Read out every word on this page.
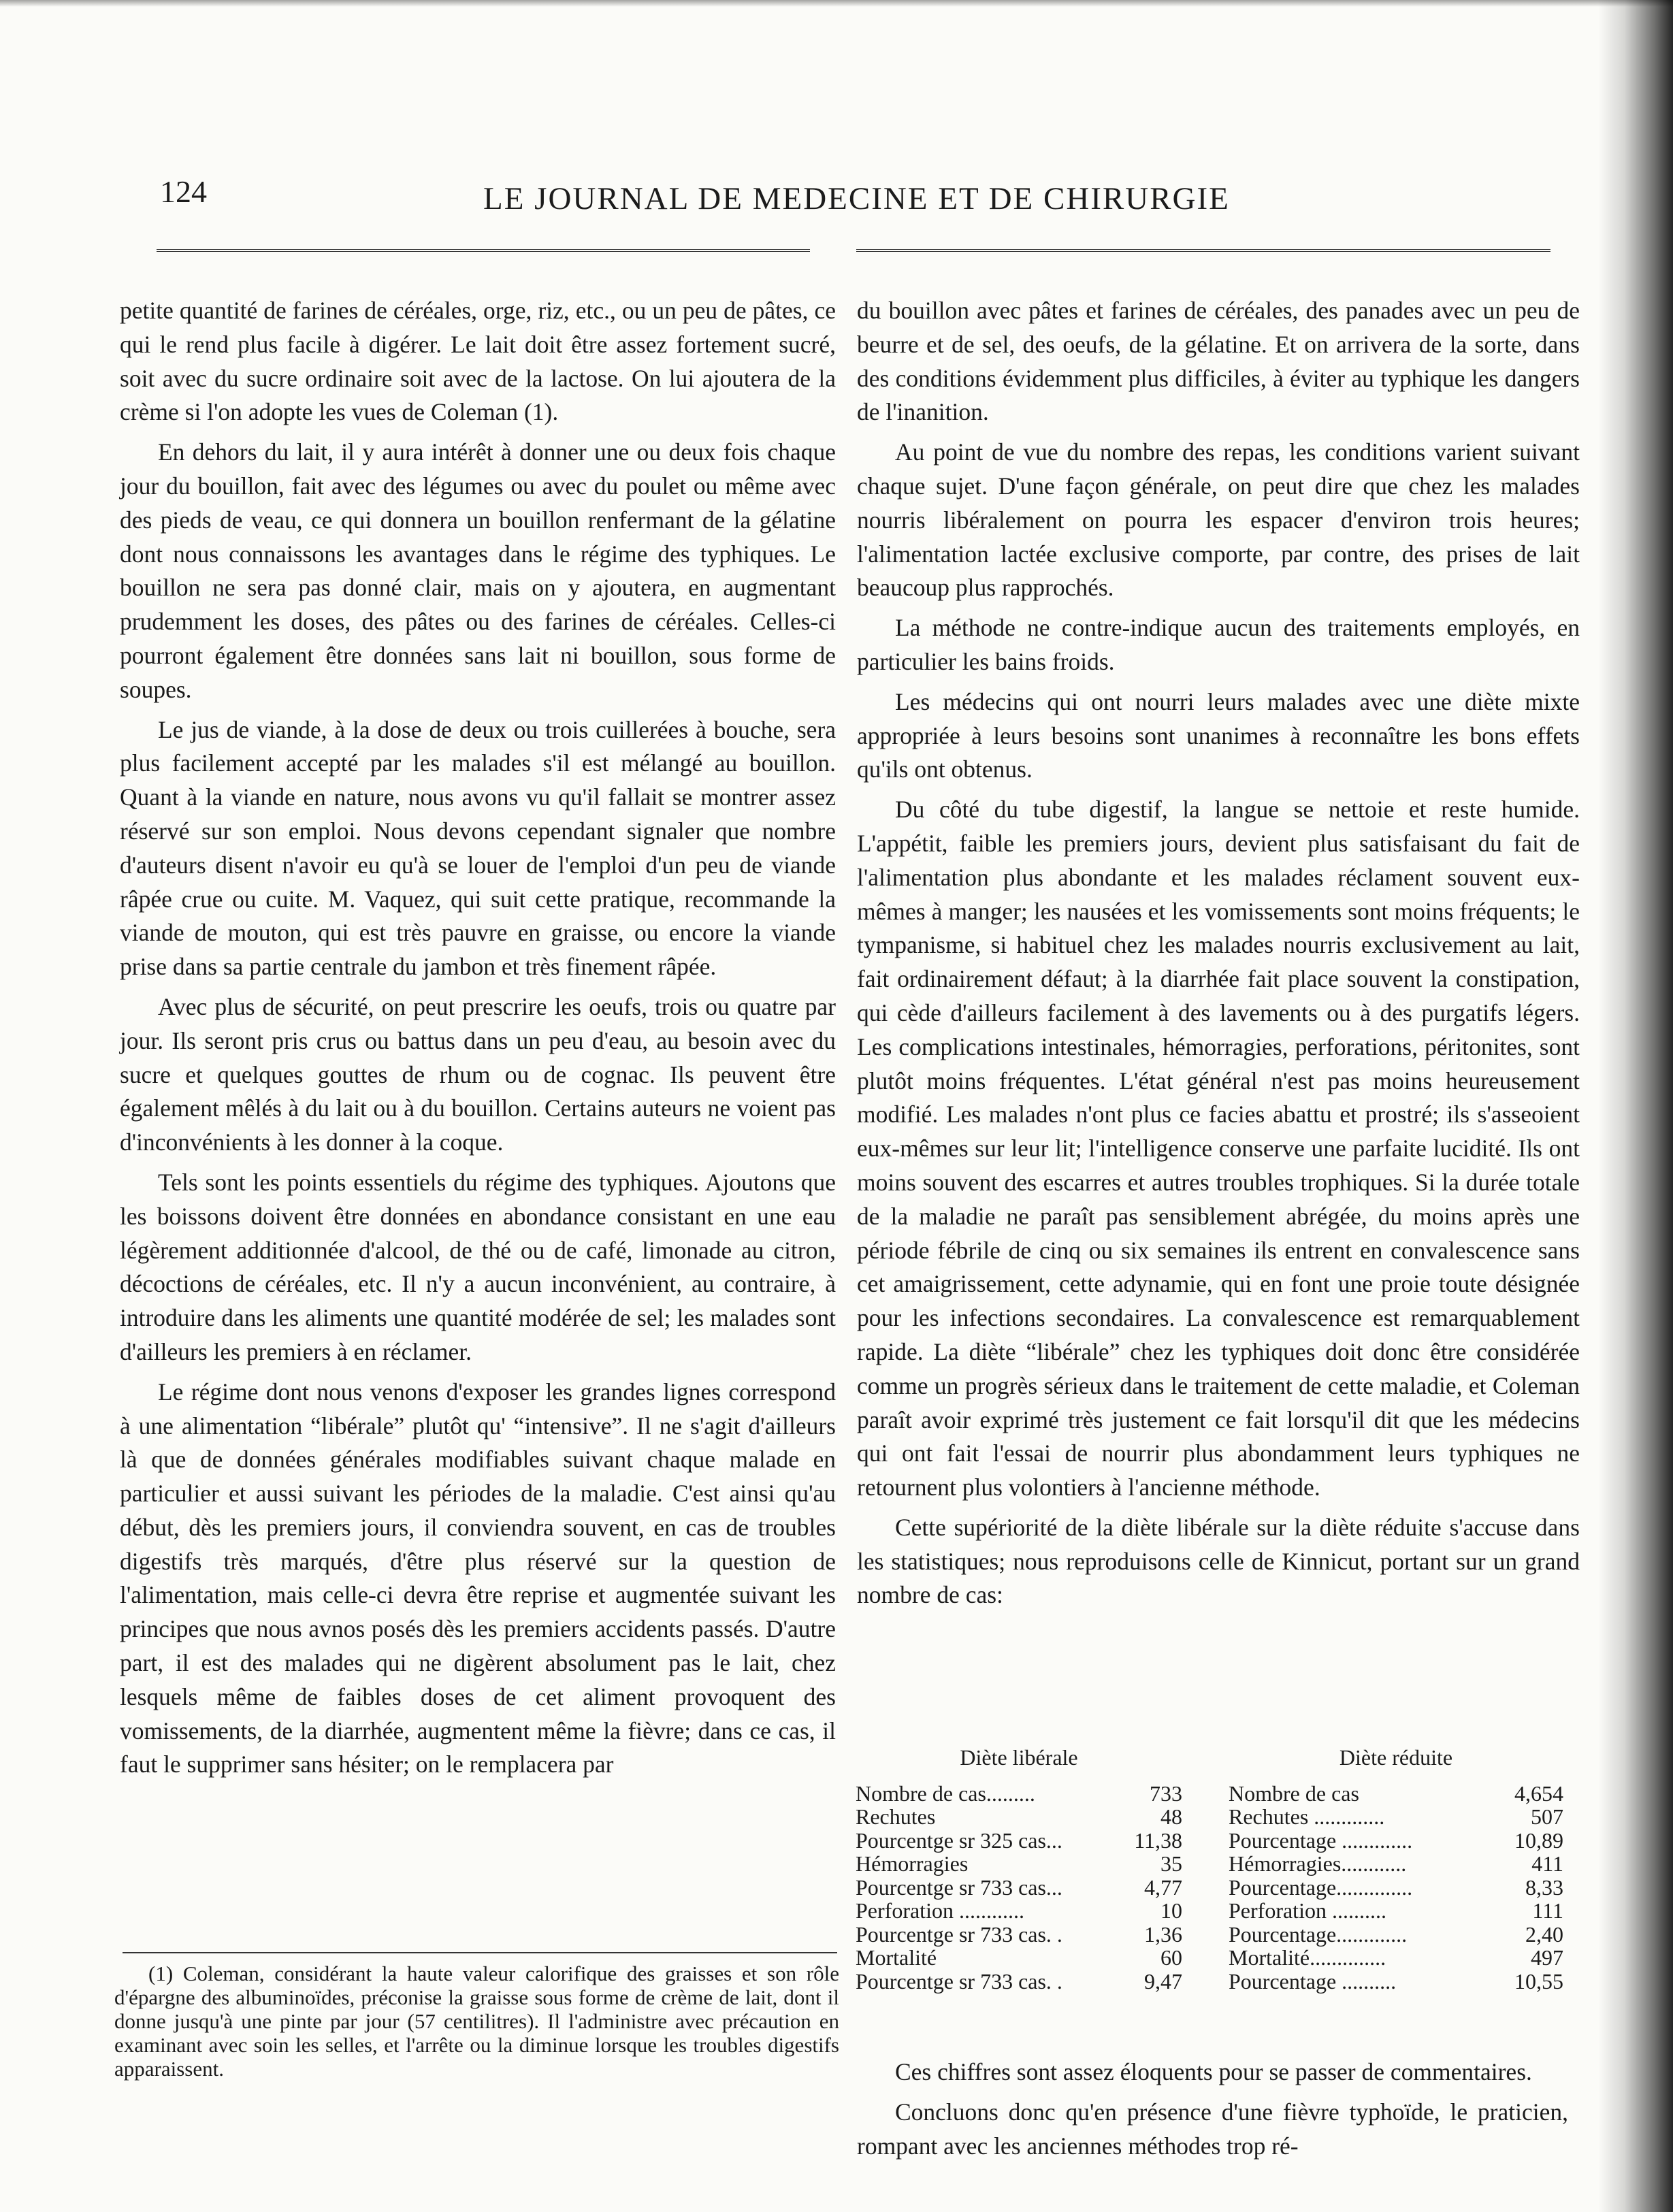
124	LE JOURNAL DE MEDECINE ET DE CHIRURGIE

petite quantité de farines de céréales, orge, riz, etc., ou un peu de pâtes, ce qui le rend plus facile à digérer. Le lait doit être assez fortement sucré, soit avec du sucre ordinaire soit avec de la lactose. On lui ajoutera de la crème si l'on adopte les vues de Coleman (1).

En dehors du lait, il y aura intérêt à donner une ou deux fois chaque jour du bouillon, fait avec des légumes ou avec du poulet ou même avec des pieds de veau, ce qui donnera un bouillon renfermant de la gélatine dont nous connaissons les avantages dans le régime des typhiques. Le bouillon ne sera pas donné clair, mais on y ajoutera, en augmentant prudemment les doses, des pâtes ou des farines de céréales. Celles-ci pourront également être données sans lait ni bouillon, sous forme de soupes.

Le jus de viande, à la dose de deux ou trois cuillerées à bouche, sera plus facilement accepté par les malades s'il est mélangé au bouillon. Quant à la viande en nature, nous avons vu qu'il fallait se montrer assez réservé sur son emploi. Nous devons cependant signaler que nombre d'auteurs disent n'avoir eu qu'à se louer de l'emploi d'un peu de viande râpée crue ou cuite. M. Vaquez, qui suit cette pratique, recommande la viande de mouton, qui est très pauvre en graisse, ou encore la viande prise dans sa partie centrale du jambon et très finement râpée.

Avec plus de sécurité, on peut prescrire les oeufs, trois ou quatre par jour. Ils seront pris crus ou battus dans un peu d'eau, au besoin avec du sucre et quelques gouttes de rhum ou de cognac. Ils peuvent être également mêlés à du lait ou à du bouillon. Certains auteurs ne voient pas d'inconvénients à les donner à la coque.

Tels sont les points essentiels du régime des typhiques. Ajoutons que les boissons doivent être données en abondance consistant en une eau légèrement additionnée d'alcool, de thé ou de café, limonade au citron, décoctions de céréales, etc. Il n'y a aucun inconvénient, au contraire, à introduire dans les aliments une quantité modérée de sel; les malades sont d'ailleurs les premiers à en réclamer.

Le régime dont nous venons d'exposer les grandes lignes correspond à une alimentation “libérale” plutôt qu' “intensive”. Il ne s'agit d'ailleurs là que de données générales modifiables suivant chaque malade en particulier et aussi suivant les périodes de la maladie. C'est ainsi qu'au début, dès les premiers jours, il conviendra souvent, en cas de troubles digestifs très marqués, d'être plus réservé sur la question de l'alimentation, mais celle-ci devra être reprise et augmentée suivant les principes que nous avnos posés dès les premiers accidents passés. D'autre part, il est des malades qui ne digèrent absolument pas le lait, chez lesquels même de faibles doses de cet aliment provoquent des vomissements, de la diarrhée, augmentent même la fièvre; dans ce cas, il faut le supprimer sans hésiter; on le remplacera par

(1) Coleman, considérant la haute valeur calorifique des graisses et son rôle d'épargne des albuminoïdes, préconise la graisse sous forme de crème de lait, dont il donne jusqu'à une pinte par jour (57 centilitres). Il l'administre avec précaution en examinant avec soin les selles, et l'arrête ou la diminue lorsque les troubles digestifs apparaissent.

du bouillon avec pâtes et farines de céréales, des panades avec un peu de beurre et de sel, des oeufs, de la gélatine. Et on arrivera de la sorte, dans des conditions évidemment plus difficiles, à éviter au typhique les dangers de l'inanition.

Au point de vue du nombre des repas, les conditions varient suivant chaque sujet. D'une façon générale, on peut dire que chez les malades nourris libéralement on pourra les espacer d'environ trois heures; l'alimentation lactée exclusive comporte, par contre, des prises de lait beaucoup plus rapprochés.

La méthode ne contre-indique aucun des traitements employés, en particulier les bains froids.

Les médecins qui ont nourri leurs malades avec une diète mixte appropriée à leurs besoins sont unanimes à reconnaître les bons effets qu'ils ont obtenus.

Du côté du tube digestif, la langue se nettoie et reste humide. L'appétit, faible les premiers jours, devient plus satisfaisant du fait de l'alimentation plus abondante et les malades réclament souvent eux-mêmes à manger; les nausées et les vomissements sont moins fréquents; le tympanisme, si habituel chez les malades nourris exclusivement au lait, fait ordinairement défaut; à la diarrhée fait place souvent la constipation, qui cède d'ailleurs facilement à des lavements ou à des purgatifs légers. Les complications intestinales, hémorragies, perforations, péritonites, sont plutôt moins fréquentes. L'état général n'est pas moins heureusement modifié. Les malades n'ont plus ce facies abattu et prostré; ils s'asseoient eux-mêmes sur leur lit; l'intelligence conserve une parfaite lucidité. Ils ont moins souvent des escarres et autres troubles trophiques. Si la durée totale de la maladie ne paraît pas sensiblement abrégée, du moins après une période fébrile de cinq ou six semaines ils entrent en convalescence sans cet amaigrissement, cette adynamie, qui en font une proie toute désignée pour les infections secondaires. La convalescence est remarquablement rapide. La diète “libérale” chez les typhiques doit donc être considérée comme un progrès sérieux dans le traitement de cette maladie, et Coleman paraît avoir exprimé très justement ce fait lorsqu'il dit que les médecins qui ont fait l'essai de nourrir plus abondamment leurs typhiques ne retournent plus volontiers à l'ancienne méthode.

Cette supériorité de la diète libérale sur la diète réduite s'accuse dans les statistiques; nous reproduisons celle de Kinnicut, portant sur un grand nombre de cas:

Diète libérale
Nombre de cas.........	733
Rechutes	48
Pourcentge sr 325 cas...	11,38
Hémorragies	35
Pourcentge sr 733 cas...	4,77
Perforation ............	10
Pourcentge sr 733 cas. .	1,36
Mortalité	60
Pourcentge sr 733 cas. .	9,47
Diète réduite
Nombre de cas	4,654
Rechutes .............	507
Pourcentage .............	10,89
Hémorragies............	411
Pourcentage..............	8,33
Perforation ..........	111
Pourcentage.............	2,40
Mortalité..............	497
Pourcentage ..........	10,55

Ces chiffres sont assez éloquents pour se passer de commentaires.

Concluons donc qu'en présence d'une fièvre typhoïde, le praticien, rompant avec les anciennes méthodes trop ré-
